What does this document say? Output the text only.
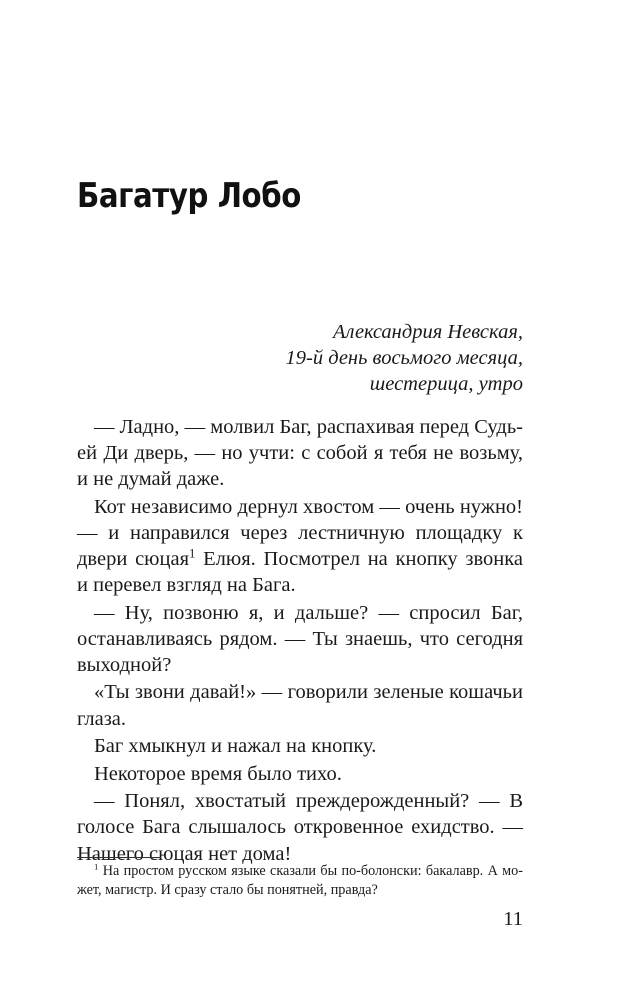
Багатур Лобо
Александрия Невская,
19-й день восьмого месяца,
шестерица, утро

— Ладно, — молвил Баг, распахивая перед Судьей Ди дверь, — но учти: с собой я тебя не возьму, и не думай даже.

Кот независимо дернул хвостом — очень нужно! — и направился через лестничную площадку к двери сюцая$^1$ Елюя. Посмотрел на кнопку звонка и перевел взгляд на Бага.

— Ну, позвоню я, и дальше? — спросил Баг, останавливаясь рядом. — Ты знаешь, что сегодня выходной?

«Ты звони давай!» — говорили зеленые кошачьи глаза.

Баг хмыкнул и нажал на кнопку.

Некоторое время было тихо.

— Понял, хвостатый преждерожденный? — В голосе Бага слышалось откровенное ехидство. — Нашего сюцая нет дома!

$^1$ На простом русском языке сказали бы по-болонски: бакалавр. А может, магистр. И сразу стало бы понятней, правда?

11
